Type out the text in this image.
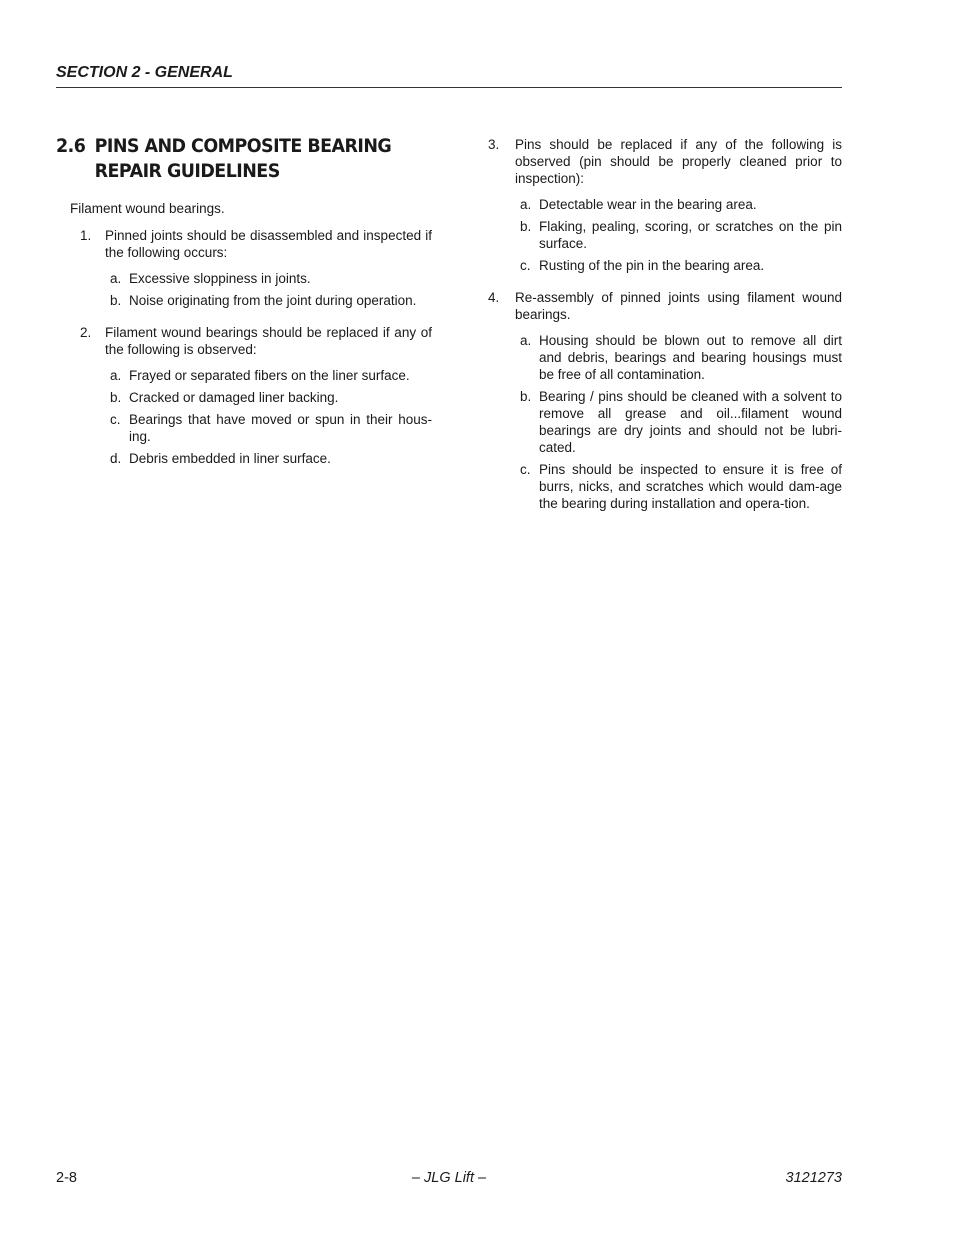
SECTION 2 - GENERAL
2.6 PINS AND COMPOSITE BEARING REPAIR GUIDELINES
Filament wound bearings.
1. Pinned joints should be disassembled and inspected if the following occurs:
a. Excessive sloppiness in joints.
b. Noise originating from the joint during operation.
2. Filament wound bearings should be replaced if any of the following is observed:
a. Frayed or separated fibers on the liner surface.
b. Cracked or damaged liner backing.
c. Bearings that have moved or spun in their hous-ing.
d. Debris embedded in liner surface.
3. Pins should be replaced if any of the following is observed (pin should be properly cleaned prior to inspection):
a. Detectable wear in the bearing area.
b. Flaking, pealing, scoring, or scratches on the pin surface.
c. Rusting of the pin in the bearing area.
4. Re-assembly of pinned joints using filament wound bearings.
a. Housing should be blown out to remove all dirt and debris, bearings and bearing housings must be free of all contamination.
b. Bearing / pins should be cleaned with a solvent to remove all grease and oil...filament wound bearings are dry joints and should not be lubri-cated.
c. Pins should be inspected to ensure it is free of burrs, nicks, and scratches which would dam-age the bearing during installation and opera-tion.
2-8	– JLG Lift –	3121273
